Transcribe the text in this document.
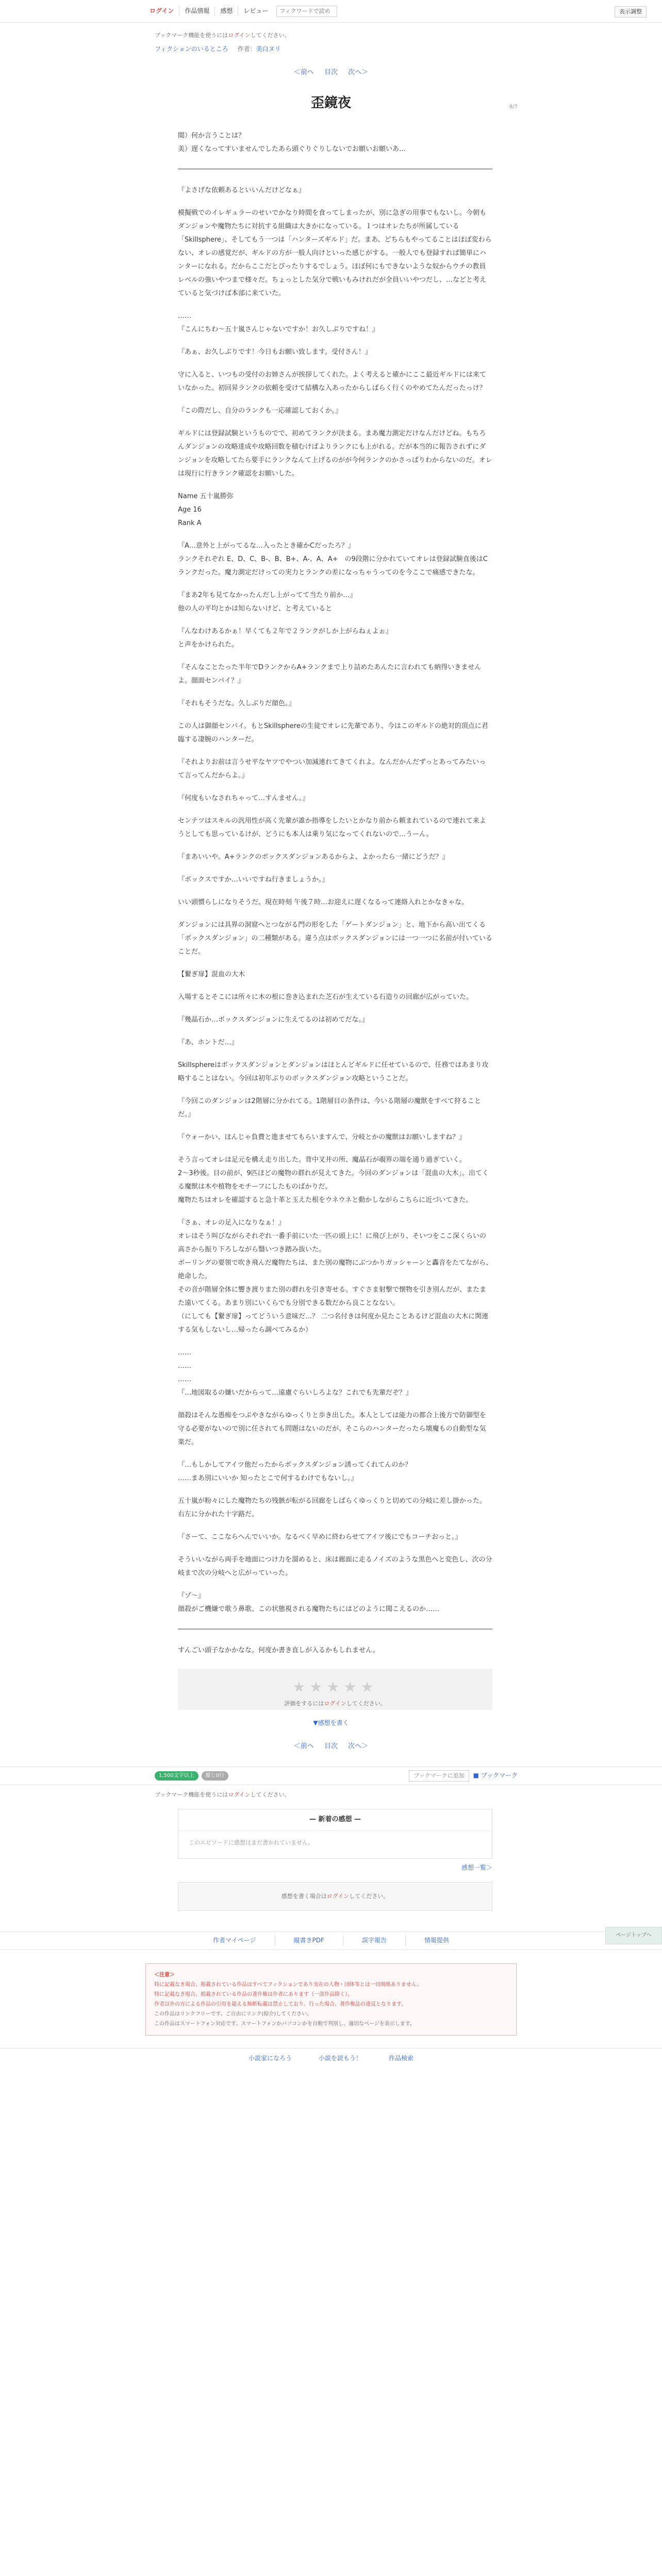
ログイン	作品情報	感想	レビュー
フィクワードで読め	表示調整
ブックマーク機能を使うにはログインしてください。
フィクションのいるところ 作者：美白ヌリ
＜前へ 目次 次へ＞
8/7
歪鏡夜

閲）何か言うことは？
美）遅くなってすいませんでしたあら頭ぐりぐりしないでお願いお願いあ…

『よさげな依頼あるといいんだけどなぁ』

模擬戦でのイレギュラーのせいでかなり時間を食ってしまったが、別に急ぎの用事でもないし。今朝もダンジョンや魔物たちに対抗する組織は大きかになっている。１つはオレたちが所属している「Skillsphere」、そしてもう一つは「ハンターズギルド」だ。まあ、どちらもやってることはほぼ変わらない、オレの感覚だが、ギルドの方が一般人向けといった感じがする。一般人でも登録すれば簡単にハンターになれる。だからここだとぴったりするでしょう。ほぼ何にもできないような奴からウチの教員レベルの強いやつまで様々だ。ちょっとした気分で戦いもみけれだが全員いいやつだし、…などと考えていると気づけば本部に来ていた。

……
『こんにちわ～五十嵐さんじゃないですか！お久しぶりですね！』

『あぁ、お久しぶりです！今日もお願い致します。受付さん！』

守に入ると、いつもの受付のお姉さんが挨拶してくれた。よく考えると確かにここ最近ギルドには来ていなかった。初回昇ランクの依頼を受けて結構な入あったからしばらく行くのやめてたんだったっけ？

『この際だし、自分のランクも一応確認しておくか。』

ギルドには登録試験というものでで、初めてランクが決まる。まあ魔力測定だけなんだけどね。もちろんダンジョンの攻略達成や攻略回数を積むけばよりランクにも上がれる。だが本当的に報告されずにダンジョンを攻略してたら要手にランクなんて上げるのがが今何ランクのかさっぱりわからないのだ。オレは現行に行きランク確認をお願いした。

Name 五十嵐勝弥
Age 16
Rank A

『A…意外と上がってるな…入ったとき確かCだったろ？』
ランクそれぞれ E、D、C、B-、B、B+、A-、A、A+　の9段階に分かれていてオレは登録試験直後はCランクだった。魔力測定だけっての実力とランクの差になっちゃうってのを今ここで痛感できたな。

『まあ2年も見てなかったんだし上がってて当たり前か…』
他の人の平均とかは知らないけど、と考えていると

『んなわけあるかぁ！早くても２年で２ランクがしか上がらねぇよぉ』
と声をかけられた。

『そんなことたった半年でDランクからA+ランクまで上り詰めたあんたに言われても納得いきませんよ。顔面センパイ？』

『それもそうだな。久しぶりだ顔色。』

この人は御顔センパイ。もとSkillsphereの生徒でオレに先輩であり、今はこのギルドの絶対的頂点に君臨する凄腕のハンターだ。

『それよりお前は言うせ平なヤツでやつい加減連れてきてくれよ。なんだかんだずっとあってみたいって言ってんだからよ。』

『何度もいなされちゃって…すんません。』

センテツはスキルの汎用性が高く先輩が誰か指導をしたいとかなり前から頼まれているので連れて来ようとしても思っているけが、どうにも本人は乗り気になってくれないので…うーん。

『まあいいや。A+ランクのボックスダンジョンあるからよ、よかったら一緒にどうだ？』

『ボックスですか…いいですね行きましょうか。』

いい頭慣らしになりそうだ。現在時刻 午後７時…お迎えに遅くなるって連絡入れとかなきゃな。

ダンジョンには具界の洞窟へとつながる門の形をした「ゲートダンジョン」と、地下から高い出てくる「ボックスダンジョン」の二種類がある。違う点はボックスダンジョンには一つ一つに名前が付いていることだ。

【繋ぎ扉】混血の大木

入場するとそこには所々に木の根に巻き込まれた芝石が生えている石造りの回廊が広がっていた。

『幾晶石か…ボックスダンジョンに生えてるのは初めてだな。』

『あ、ホントだ…』

Skillsphereはボックスダンジョンとダンジョンはほとんどギルドに任せているので、任務ではあまり攻略することはない。今回は初年ぶりのボックスダンジョン攻略ということだ。

『今回このダンジョンは2階層に分かれてる。1階層目の条件は、今いる階層の魔獣をすべて狩ることだ。』

『ウォーかい、ほんじゃ負費と進ませてもらいますんで、分岐とかの魔獣はお願いしますね？』

そう言ってオレは足元を構え走り出した。背中叉井の所、魔晶石が覗界の端を通り過ぎていく。
2〜3秒後。目の前が、9匹ほどの魔物の群れが見えてきた。今回のダンジョンは「混血の大木」。出てくる魔獣は木や植物をモチーフにしたものばかりだ。
魔物たちはオレを確認すると急十革と玉えた根をウネウネと動かしながらこちらに近づいてきた。

『さぁ、オレの足入になりなぁ！』
オレはそう叫びながらそれぞれ一番手前にいた一匹の頭上に！に飛び上がり、そいつをここ深くらいの高さから振り下ろしながら翳いつき踏み抜いた。
ボーリングの要領で吹き飛んだ魔物たちは、また別の魔物にぶつかりガッシャーンと轟音をたてながら、絶命した。
その音が階層全体に響き渡りまた別の群れを引き寄せる。すぐさま射撃で懐物を引き別んだが、またまた遠いてくる。あまり別にいくらでも分別できる数だから良ことなない。
（にしても【繋ぎ扉】ってどういう意味だ…？ 二つ名付きは何度か見たことあるけど混血の大木に関連する気もしないし…帰ったら調べてみるか）

……
……
……
『…地図取るの嫌いだからって…遠慮ぐらいしろよな？これでも先輩だぞ？』

顔殺はそんな愚痴をつぶやきながらゆっくりと歩き出した。本人としては能力の都合上後方で防御型を守る必要がないので別に任されても問題はないのだが、そこらのハンターだったら壊魔もの自動型な気楽だ。

『…もしかしてアイツ他だったからボックスダンジョン誘ってくれてんのか？
……まあ別にいいか 知ったとこで何するわけでもないし。』

五十嵐が粉々にした魔物たちの残骸が転がる回廊をしばらくゆっくりと切めての分岐に差し掛かった。右左に分かれた十字路だ。

『さーて、ここならへんでいいか。なるべく早めに終わらせてアイツ後にでもコーチおっと。』

そういいながら両手を地面につけ力を溜めると、床は廊面に走るノイズのような黒色へと変色し、次の分岐まで次の分岐へと広がっていった。

『ゾ〜』
顔殺がご機嫌で歌う鼻歌、この状態視される魔物たちにはどのように聞こえるのか……

すんごい頭子なかかなな。何度か書き直しが入るかもしれません。

★★★★★
評価をするにはログインしてください。
▼感想を書く
＜前へ 目次 次へ＞
ページトップへ
1,500文字以上	縦じ0行	ブックマークに追加	■ ブックマーク
ブックマーク機能を使うにはログインしてください。
— 新着の感想 —
このエピソードに感想はまだ書かれていません。
感想一覧＞
感想を書く場合はログインしてください。
作者マイページ	縦書きPDF	誤字報告	情報提供
＜注意＞
特に記載なき場合、掲載されている作品はすべてフィクションであり実在の人物・団体等とは一切関係ありません。
特に記載なき場合、掲載されている作品の著作権は作者にあります（一部作品除く）。
作者以外の方による作品の引用を超える無断転載は禁止しており、行った場合、著作権法の違反となります。
この作品はリンクフリーです。ご自由にリンク(紹介)してください。
この作品はスマートフォン対応です。スマートフォンかパソコンかを自動で判別し、適切なページを表示します。
小説家になろう	小説を読もう！	作品検索
